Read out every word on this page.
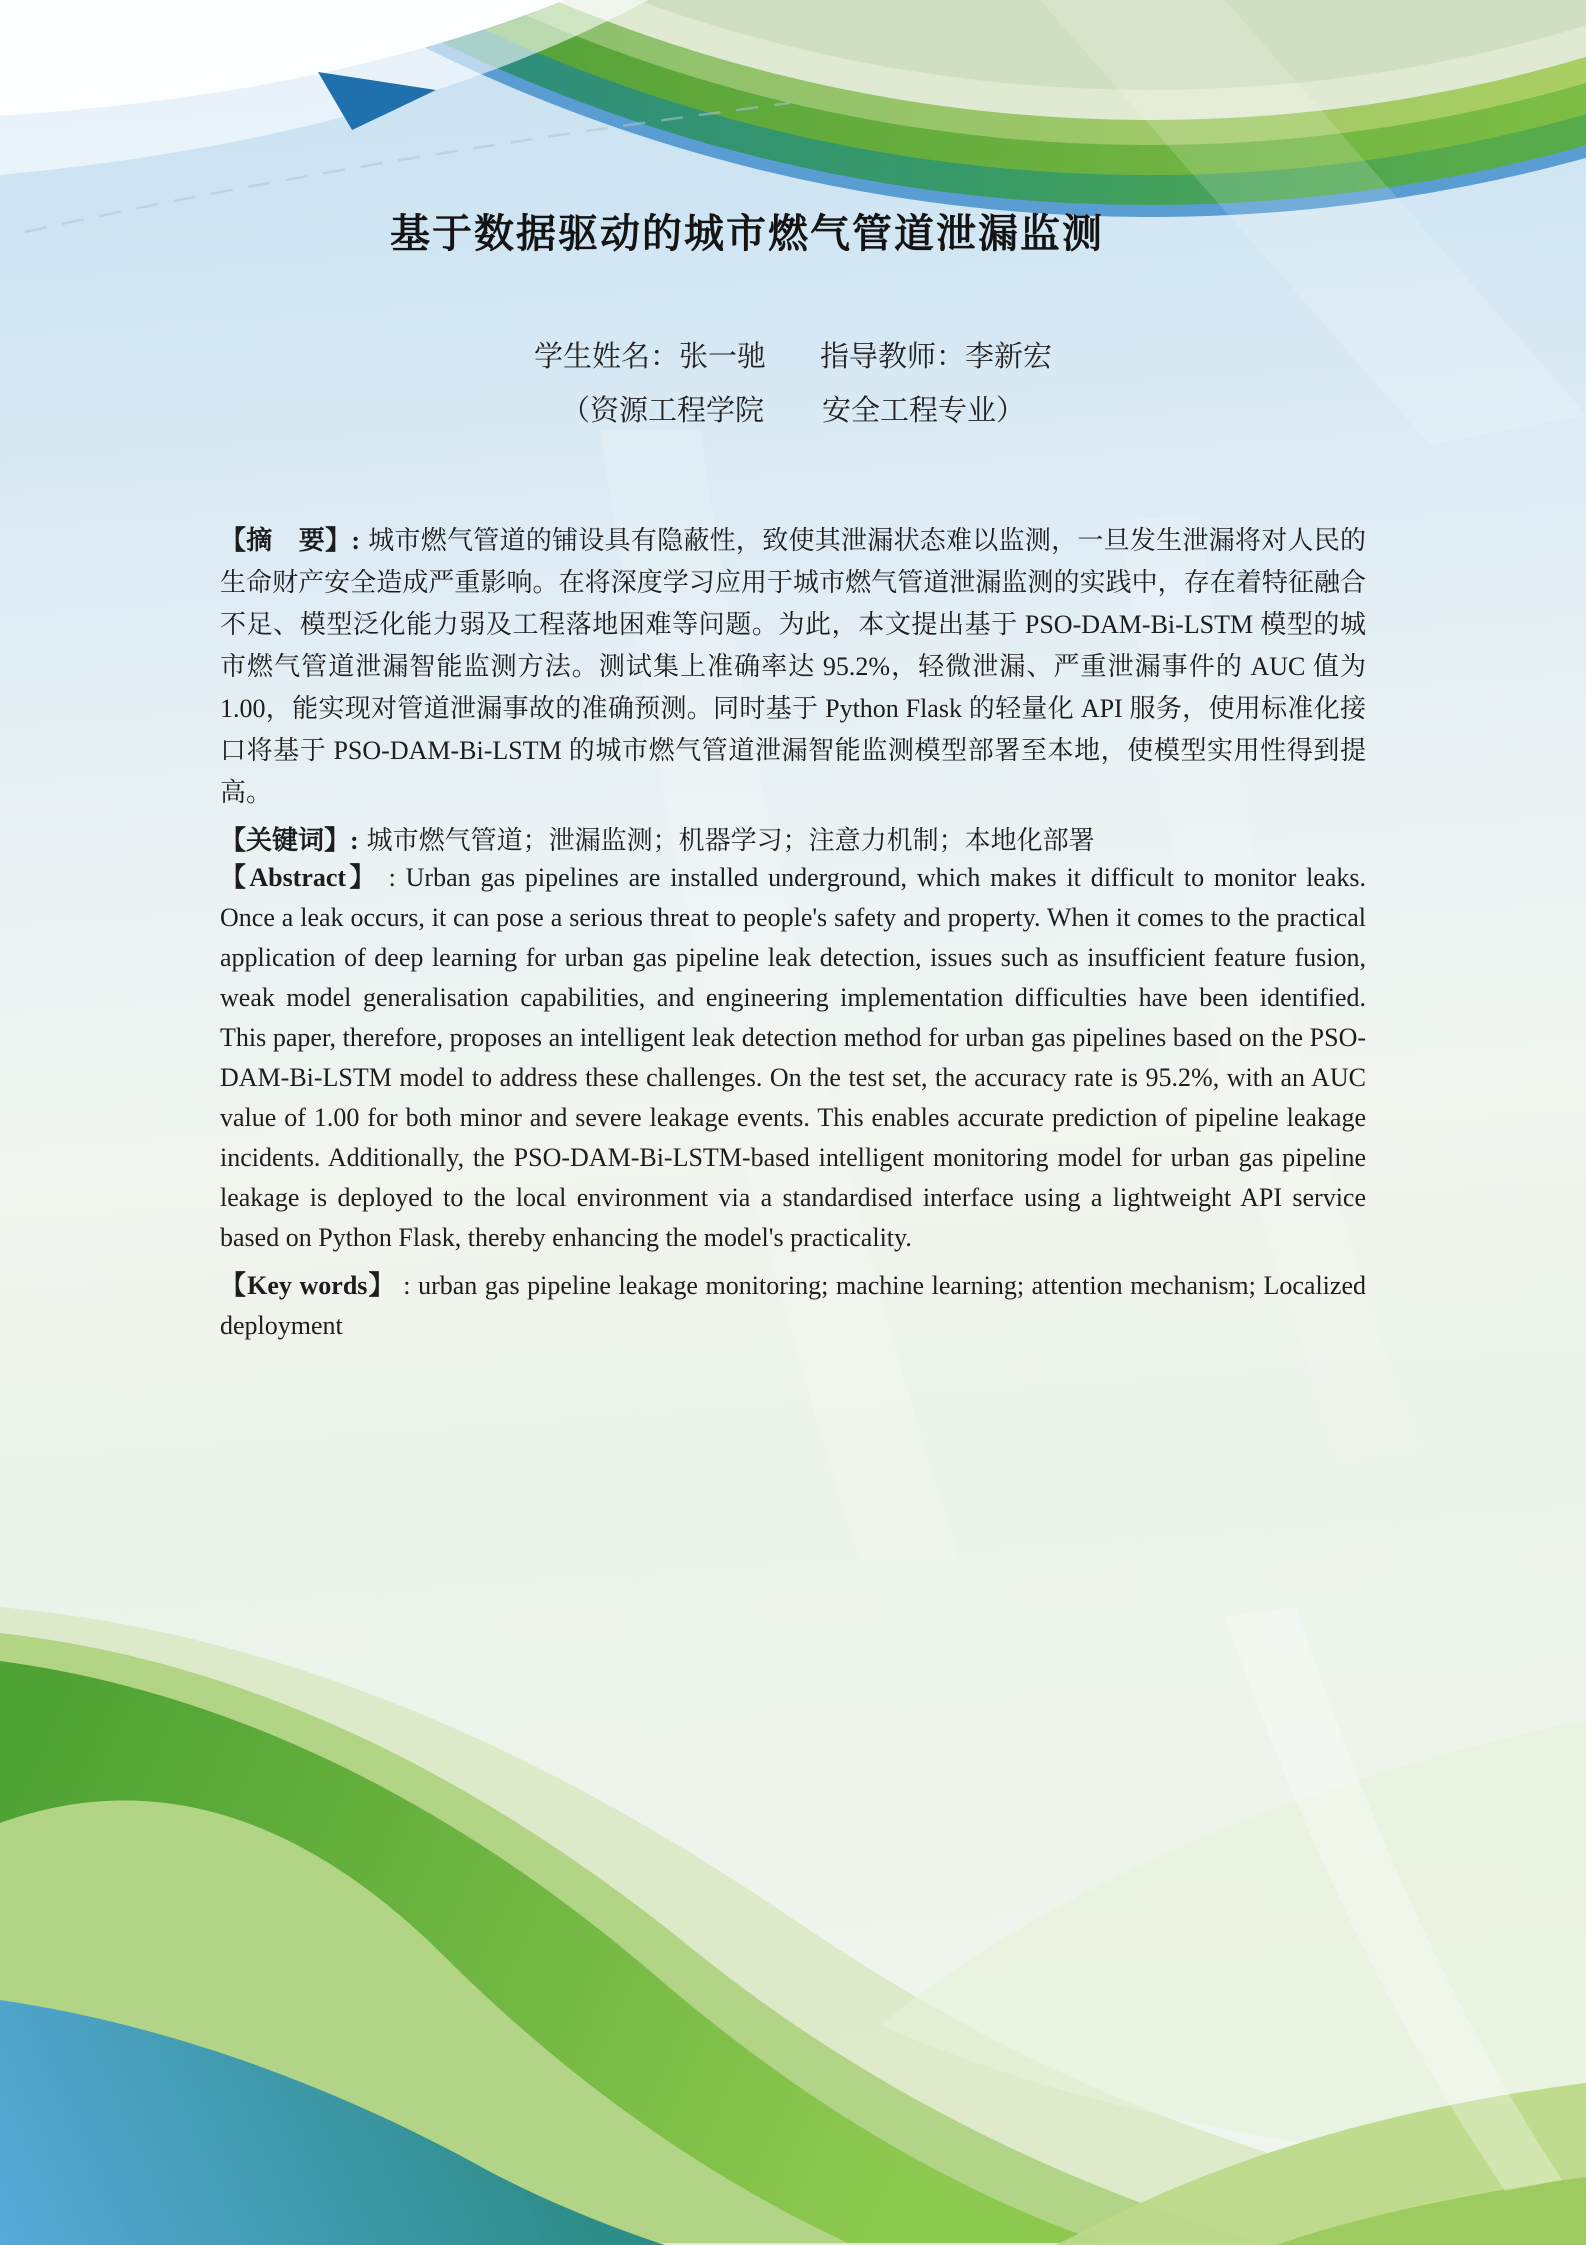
基于数据驱动的城市燃气管道泄漏监测
学生姓名：张一驰 指导教师：李新宏
（资源工程学院　　安全工程专业）

【摘　要】: 城市燃气管道的铺设具有隐蔽性，致使其泄漏状态难以监测，一旦发生泄漏将对人民的生命财产安全造成严重影响。在将深度学习应用于城市燃气管道泄漏监测的实践中，存在着特征融合不足、模型泛化能力弱及工程落地困难等问题。为此，本文提出基于 PSO-DAM-Bi-LSTM 模型的城市燃气管道泄漏智能监测方法。测试集上准确率达 95.2%，轻微泄漏、严重泄漏事件的 AUC 值为 1.00，能实现对管道泄漏事故的准确预测。同时基于 Python Flask 的轻量化 API 服务，使用标准化接口将基于 PSO-DAM-Bi-LSTM 的城市燃气管道泄漏智能监测模型部署至本地，使模型实用性得到提高。

【关键词】: 城市燃气管道；泄漏监测；机器学习；注意力机制；本地化部署

【Abstract】 : Urban gas pipelines are installed underground, which makes it difficult to monitor leaks. Once a leak occurs, it can pose a serious threat to people's safety and property. When it comes to the practical application of deep learning for urban gas pipeline leak detection, issues such as insufficient feature fusion, weak model generalisation capabilities, and engineering implementation difficulties have been identified. This paper, therefore, proposes an intelligent leak detection method for urban gas pipelines based on the PSO-DAM-Bi-LSTM model to address these challenges. On the test set, the accuracy rate is 95.2%, with an AUC value of 1.00 for both minor and severe leakage events. This enables accurate prediction of pipeline leakage incidents. Additionally, the PSO-DAM-Bi-LSTM-based intelligent monitoring model for urban gas pipeline leakage is deployed to the local environment via a standardised interface using a lightweight API service based on Python Flask, thereby enhancing the model's practicality.

【Key words】 : urban gas pipeline leakage monitoring; machine learning; attention mechanism; Localized deployment
